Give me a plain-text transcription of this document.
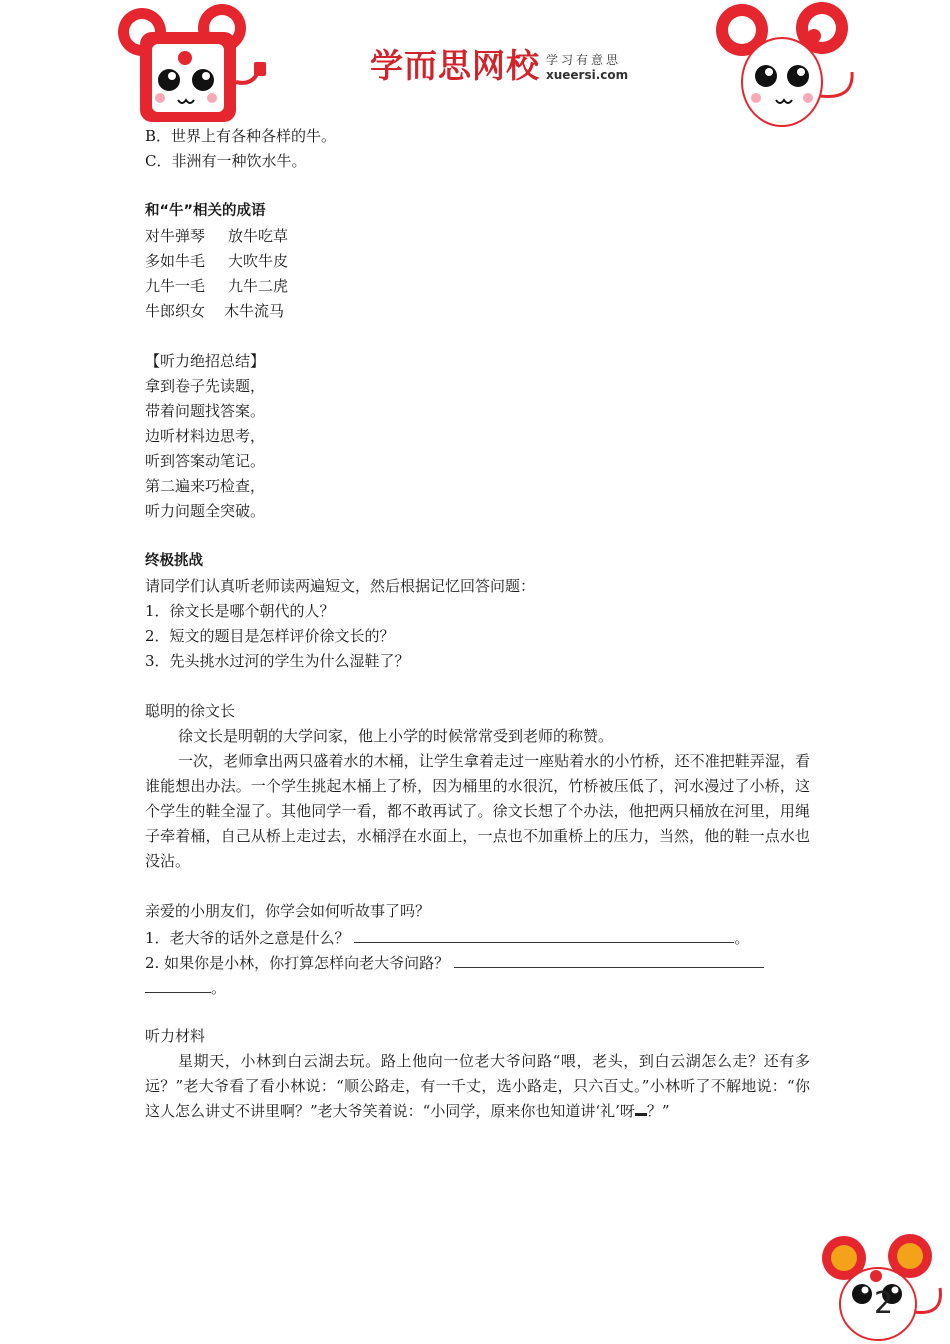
学而思网校 学习有意思
xueersi.com
B．世界上有各种各样的牛。
C．非洲有一种饮水牛。
和“牛”相关的成语
对牛弹琴 放牛吃草
多如牛毛 大吹牛皮
九牛一毛 九牛二虎
牛郎织女 木牛流马
【听力绝招总结】
拿到卷子先读题，
带着问题找答案。
边听材料边思考，
听到答案动笔记。
第二遍来巧检查，
听力问题全突破。
终极挑战
请同学们认真听老师读两遍短文，然后根据记忆回答问题：
1．徐文长是哪个朝代的人？
2．短文的题目是怎样评价徐文长的？
3．先头挑水过河的学生为什么湿鞋了？
聪明的徐文长
徐文长是明朝的大学问家，他上小学的时候常常受到老师的称赞。
一次，老师拿出两只盛着水的木桶，让学生拿着走过一座贴着水的小竹桥，还不准把鞋弄湿，看谁能想出办法。一个学生挑起木桶上了桥，因为桶里的水很沉，竹桥被压低了，河水漫过了小桥，这个学生的鞋全湿了。其他同学一看，都不敢再试了。徐文长想了个办法，他把两只桶放在河里，用绳子牵着桶，自己从桥上走过去，水桶浮在水面上，一点也不加重桥上的压力，当然，他的鞋一点水也没沾。
亲爱的小朋友们，你学会如何听故事了吗？
1．老大爷的话外之意是什么？	。
2. 如果你是小林，你打算怎样向老大爷问路？
。
听力材料
星期天，小林到白云湖去玩。路上他向一位老大爷问路“喂，老头，到白云湖怎么走？还有多远？”老大爷看了看小林说：“顺公路走，有一千丈，选小路走，只六百丈。”小林听了不解地说：“你这人怎么讲丈不讲里啊？”老大爷笑着说：“小同学，原来你也知道讲‘礼’呀 ？”
2
